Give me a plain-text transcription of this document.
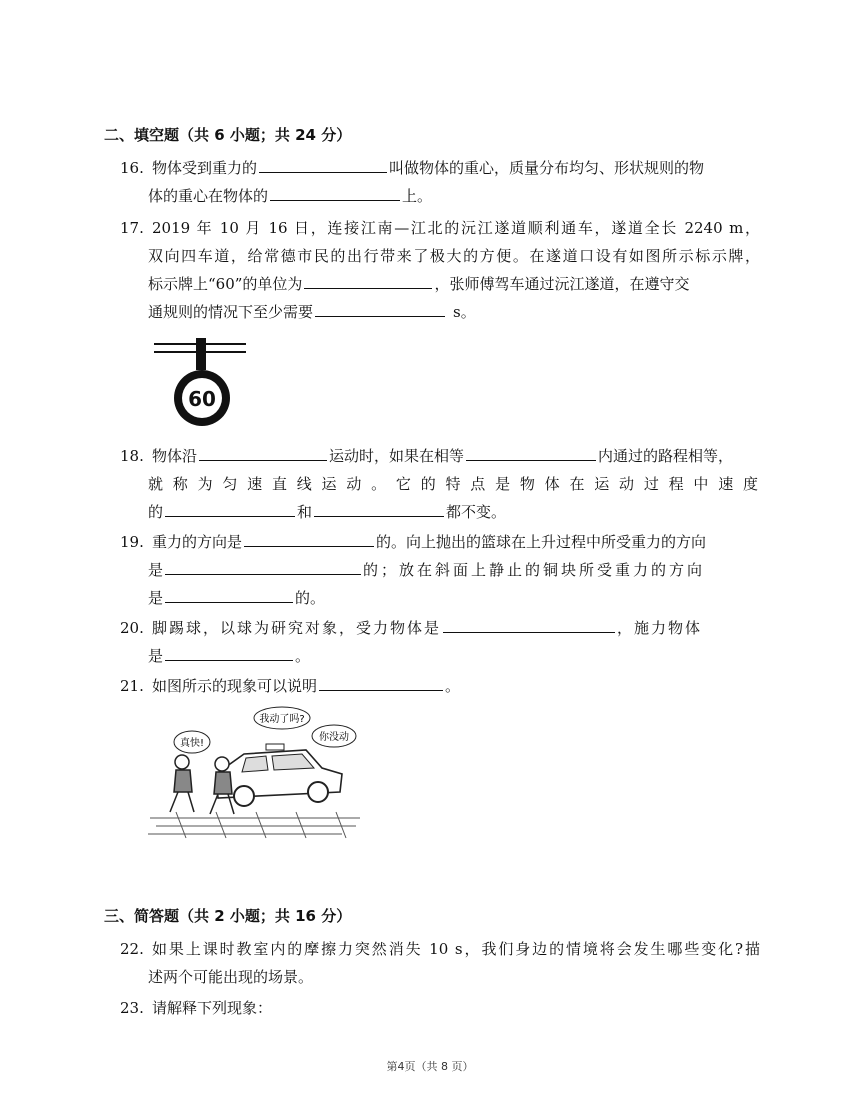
二、填空题（共 6 小题；共 24 分）
16. 物体受到重力的	叫做物体的重心，质量分布均匀、形状规则的物
体的重心在物体的	上。
17. 2019 年 10 月 16 日，连接江南—江北的沅江遂道顺利通车，遂道全长 2240 m，
双向四车道，给常德市民的出行带来了极大的方便。在遂道口设有如图所示标示牌，
标示牌上“60”的单位为	，张师傅驾车通过沅江遂道，在遵守交
通规则的情况下至少需要	s。
60
18. 物体沿	运动时，如果在相等	内通过的路程相等，
就称为匀速直线运动。它的特点是物体在运动过程中速度
的	和	都不变。
19. 重力的方向是	的。向上抛出的篮球在上升过程中所受重力的方向
是	的；放在斜面上静止的铜块所受重力的方向
是	的。
20. 脚踢球，以球为研究对象，受力物体是	，施力物体
是	。
21. 如图所示的现象可以说明	。
真快!
我动了吗?
你没动
三、简答题（共 2 小题；共 16 分）
22. 如果上课时教室内的摩擦力突然消失 10 s，我们身边的情境将会发生哪些变化?描
述两个可能出现的场景。
23. 请解释下列现象：
第4页（共 8 页）
